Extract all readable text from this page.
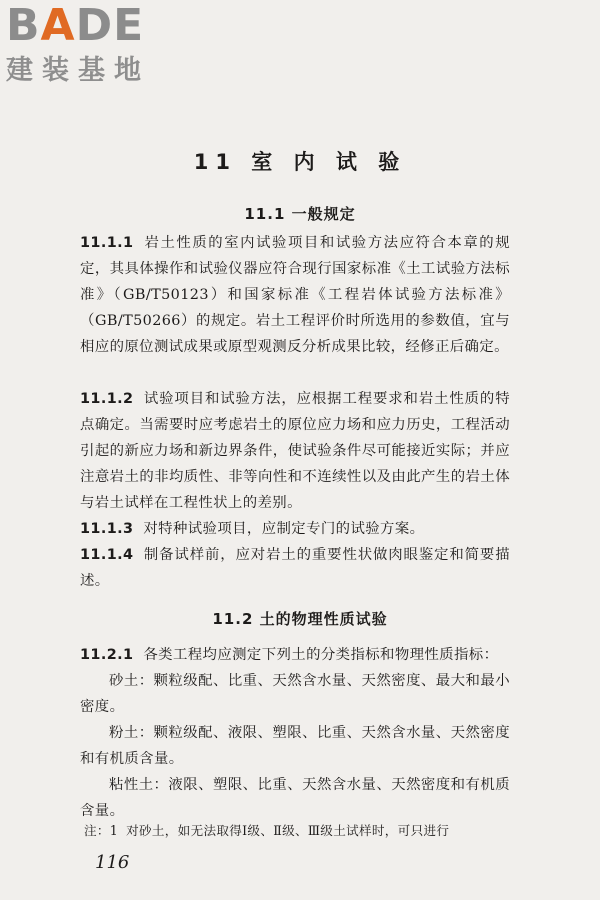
BADE
建装基地
11 室 内 试 验
11.1 一般规定
11.1.1 岩土性质的室内试验项目和试验方法应符合本章的规定，其具体操作和试验仪器应符合现行国家标准《土工试验方法标准》（GB/T50123）和国家标准《工程岩体试验方法标准》（GB/T50266）的规定。岩土工程评价时所选用的参数值，宜与相应的原位测试成果或原型观测反分析成果比较，经修正后确定。
11.1.2 试验项目和试验方法，应根据工程要求和岩土性质的特点确定。当需要时应考虑岩土的原位应力场和应力历史，工程活动引起的新应力场和新边界条件，使试验条件尽可能接近实际；并应注意岩土的非均质性、非等向性和不连续性以及由此产生的岩土体与岩土试样在工程性状上的差别。
11.1.3 对特种试验项目，应制定专门的试验方案。
11.1.4 制备试样前，应对岩土的重要性状做肉眼鉴定和简要描述。
11.2 土的物理性质试验
11.2.1 各类工程均应测定下列土的分类指标和物理性质指标：
砂土：颗粒级配、比重、天然含水量、天然密度、最大和最小密度。
粉土：颗粒级配、液限、塑限、比重、天然含水量、天然密度和有机质含量。
粘性土：液限、塑限、比重、天然含水量、天然密度和有机质含量。
注：1 对砂土，如无法取得Ⅰ级、Ⅱ级、Ⅲ级土试样时，可只进行
116
